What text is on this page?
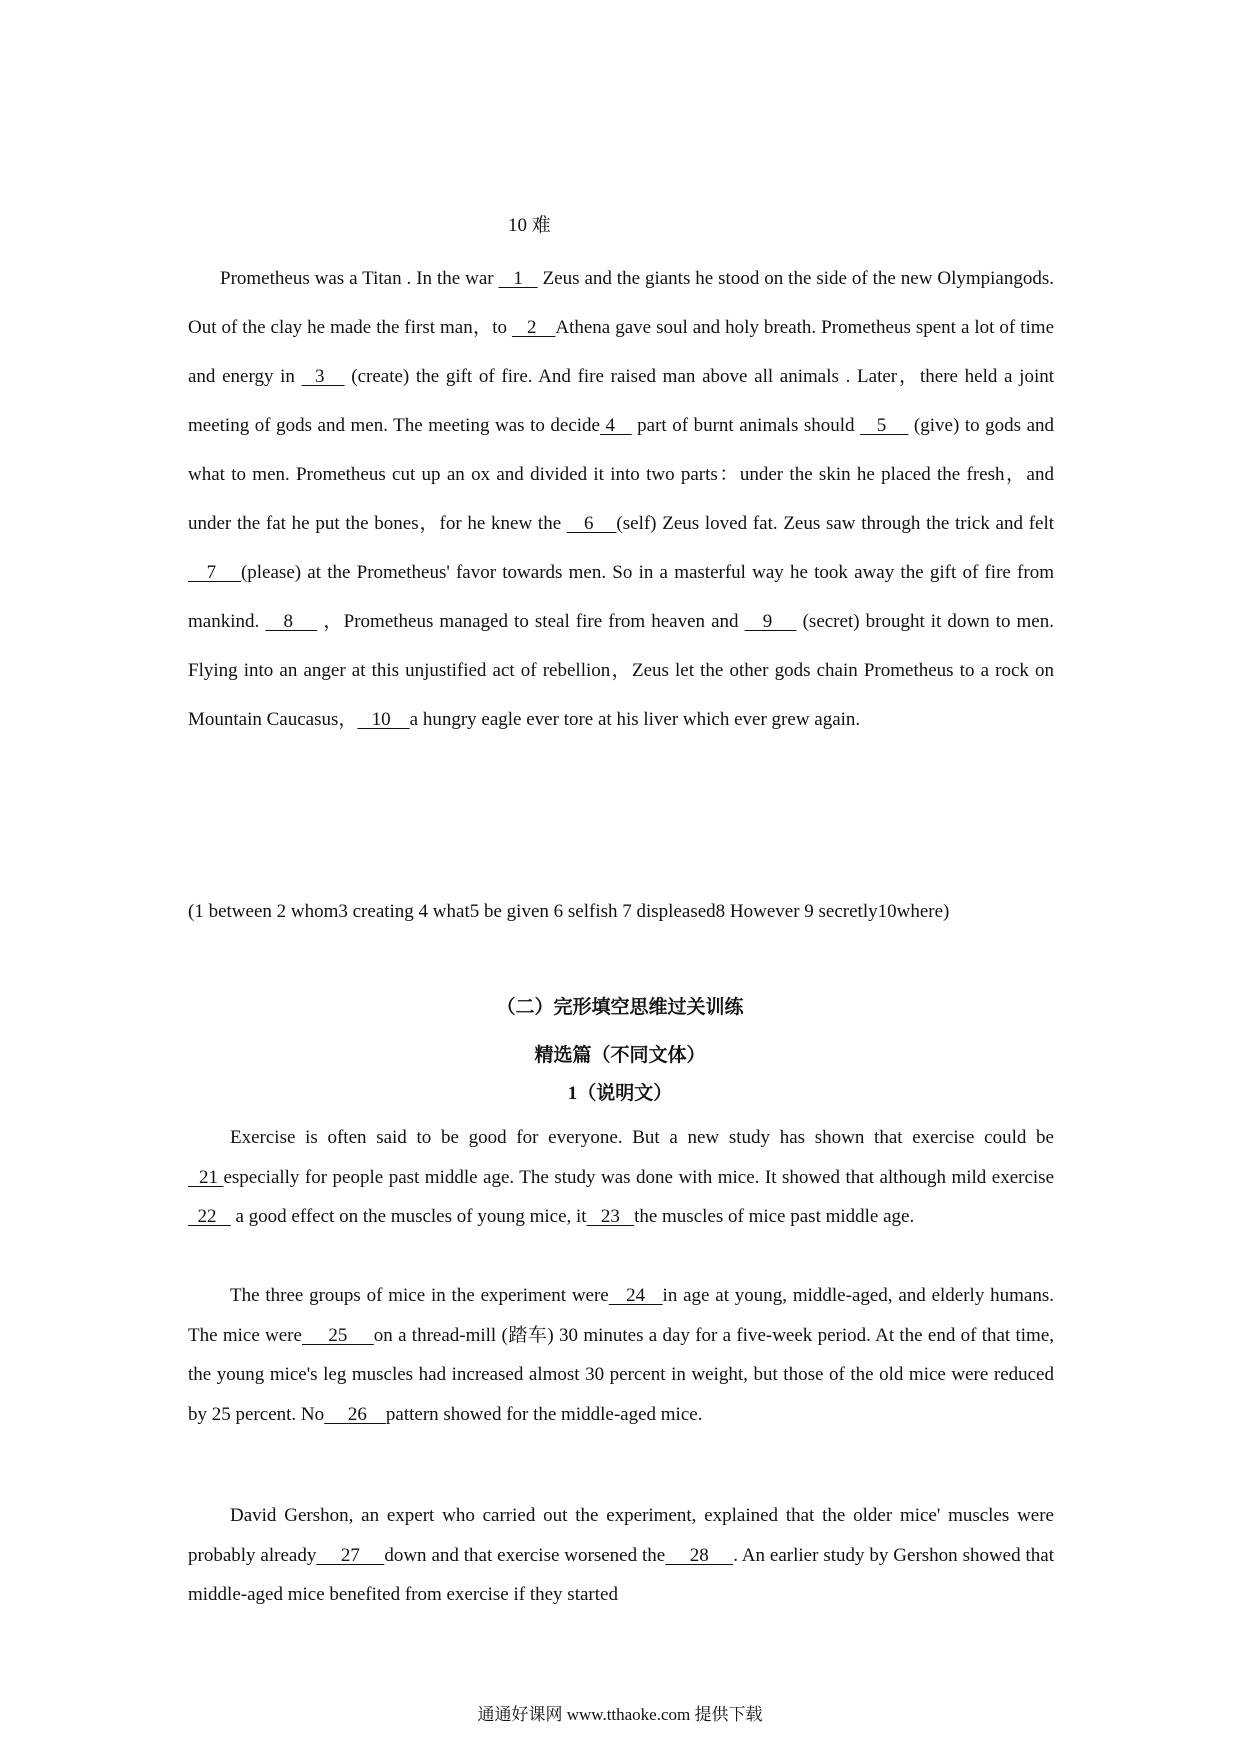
10 难

Prometheus was a Titan . In the war    1    Zeus and the giants he stood on the side of the new Olympiangods. Out of the clay he made the first man，to    2    Athena gave soul and holy breath. Prometheus spent a lot of time and energy in   3    (create) the gift of fire. And fire raised man above all animals . Later，there held a joint meeting of gods and men. The meeting was to decide 4    part of burnt animals should    5     (give) to gods and what to men. Prometheus cut up an ox and divided it into two parts：under the skin he placed the fresh，and under the fat he put the bones，for he knew the    6    (self) Zeus loved fat. Zeus saw through the trick and felt    7    (please) at the Prometheus' favor towards men. So in a masterful way he took away the gift of fire from mankind.    8     ，Prometheus managed to steal fire from heaven and    9     (secret) brought it down to men. Flying into an anger at this unjustified act of rebellion，Zeus let the other gods chain Prometheus to a rock on Mountain Caucasus，   10    a hungry eagle ever tore at his liver which ever grew again.

(1 between 2 whom3 creating 4 what5 be given 6 selfish 7 displeased8 However 9 secretly10where)

（二）完形填空思维过关训练
精选篇（不同文体）
1（说明文）

Exercise is often said to be good for everyone. But a new study has shown that exercise could be  21 especially for people past middle age. The study was done with mice. It showed that although mild exercise   22    a good effect on the muscles of young mice, it   23   the muscles of mice past middle age.

The three groups of mice in the experiment were   24   in age at young, middle-aged, and elderly humans. The mice were     25     on a thread-mill (踏车) 30 minutes a day for a five-week period. At the end of that time, the young mice's leg muscles had increased almost 30 percent in weight, but those of the old mice were reduced by 25 percent. No     26    pattern showed for the middle-aged mice.

David Gershon, an expert who carried out the experiment, explained that the older mice' muscles were probably already     27     down and that exercise worsened the     28     . An earlier study by Gershon showed that middle-aged mice benefited from exercise if they started

通通好课网 www.tthaoke.com 提供下载
